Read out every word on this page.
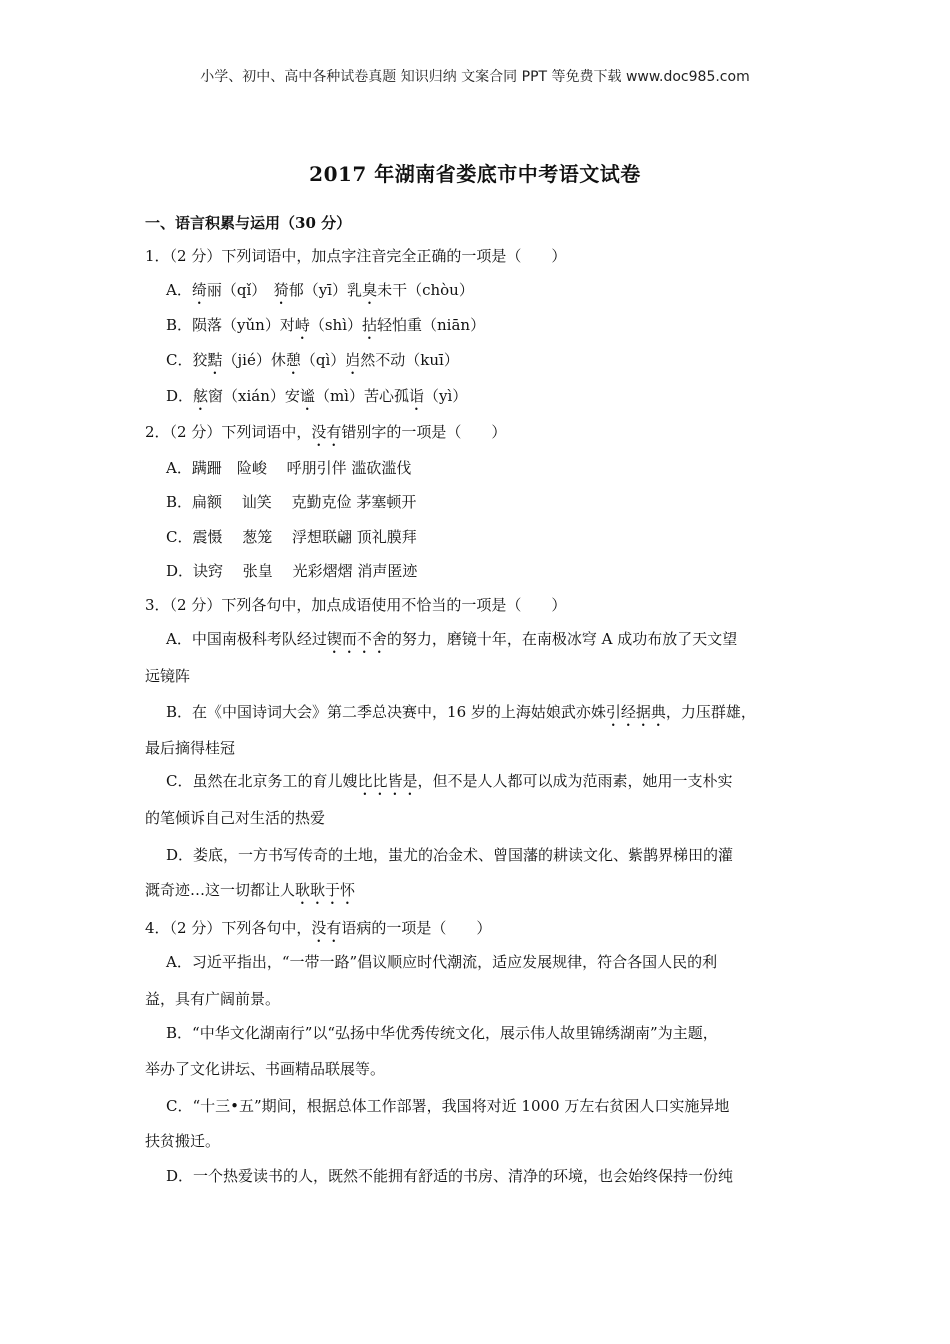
小学、初中、高中各种试卷真题 知识归纳 文案合同 PPT 等免费下载 www.doc985.com
2017 年湖南省娄底市中考语文试卷
一、语言积累与运用（30 分）
1．（2 分）下列词语中，加点字注音完全正确的一项是（　　）
A．绮丽（qǐ）　猗郁（yī）乳臭未干（chòu）
B．陨落（yǔn）对峙（shì）拈轻怕重（niān）
C．狡黠（jié）休憩（qì）岿然不动（kuī）
D．舷窗（xián）安谧（mì）苦心孤诣（yì）
2．（2 分）下列词语中，没有错别字的一项是（　　）
A．蹒跚　险峻　 呼朋引伴 滥砍滥伐
B．扁额　 讪笑　 克勤克俭 茅塞顿开
C．震慑　 葱笼　 浮想联翩 顶礼膜拜
D．诀窍　 张皇　 光彩熠熠 消声匿迹
3．（2 分）下列各句中，加点成语使用不恰当的一项是（　　）
A．中国南极科考队经过锲而不舍的努力，磨镜十年，在南极冰穹 A 成功布放了天文望
远镜阵
B．在《中国诗词大会》第二季总决赛中，16 岁的上海姑娘武亦姝引经据典，力压群雄，
最后摘得桂冠
C．虽然在北京务工的育儿嫂比比皆是，但不是人人都可以成为范雨素，她用一支朴实
的笔倾诉自己对生活的热爱
D．娄底，一方书写传奇的土地，蚩尤的冶金术、曾国藩的耕读文化、紫鹊界梯田的灌
溉奇迹…这一切都让人耿耿于怀
4．（2 分）下列各句中，没有语病的一项是（　　）
A．习近平指出，“一带一路”倡议顺应时代潮流，适应发展规律，符合各国人民的利
益，具有广阔前景。
B．“中华文化湖南行”以“弘扬中华优秀传统文化，展示伟人故里锦绣湖南”为主题，
举办了文化讲坛、书画精品联展等。
C．“十三•五”期间，根据总体工作部署，我国将对近 1000 万左右贫困人口实施异地
扶贫搬迁。
D．一个热爱读书的人，既然不能拥有舒适的书房、清净的环境，也会始终保持一份纯
